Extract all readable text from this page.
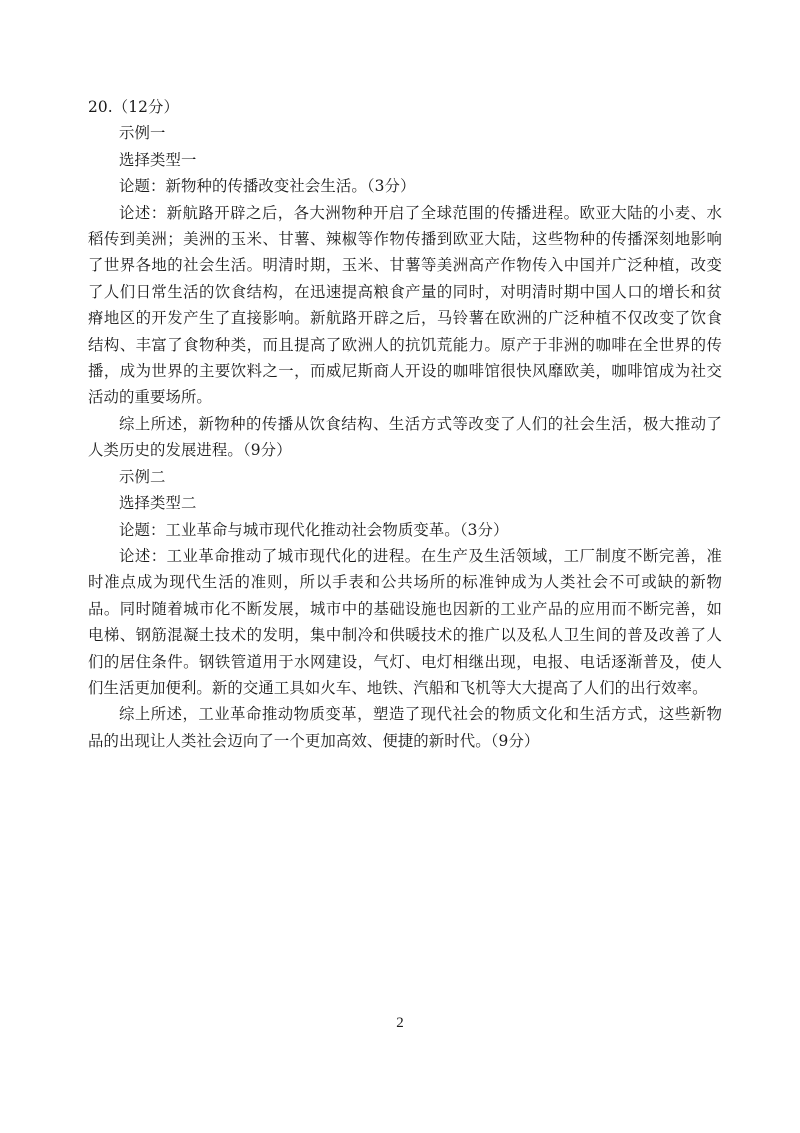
20.（12分）
示例一
选择类型一
论题：新物种的传播改变社会生活。（3分）
论述：新航路开辟之后，各大洲物种开启了全球范围的传播进程。欧亚大陆的小麦、水稻传到美洲；美洲的玉米、甘薯、辣椒等作物传播到欧亚大陆，这些物种的传播深刻地影响了世界各地的社会生活。明清时期，玉米、甘薯等美洲高产作物传入中国并广泛种植，改变了人们日常生活的饮食结构，在迅速提高粮食产量的同时，对明清时期中国人口的增长和贫瘠地区的开发产生了直接影响。新航路开辟之后，马铃薯在欧洲的广泛种植不仅改变了饮食结构、丰富了食物种类，而且提高了欧洲人的抗饥荒能力。原产于非洲的咖啡在全世界的传播，成为世界的主要饮料之一，而威尼斯商人开设的咖啡馆很快风靡欧美，咖啡馆成为社交活动的重要场所。
综上所述，新物种的传播从饮食结构、生活方式等改变了人们的社会生活，极大推动了人类历史的发展进程。（9分）
示例二
选择类型二
论题：工业革命与城市现代化推动社会物质变革。（3分）
论述：工业革命推动了城市现代化的进程。在生产及生活领域，工厂制度不断完善，准时准点成为现代生活的准则，所以手表和公共场所的标准钟成为人类社会不可或缺的新物品。同时随着城市化不断发展，城市中的基础设施也因新的工业产品的应用而不断完善，如电梯、钢筋混凝土技术的发明，集中制冷和供暖技术的推广以及私人卫生间的普及改善了人们的居住条件。钢铁管道用于水网建设，气灯、电灯相继出现，电报、电话逐渐普及，使人们生活更加便利。新的交通工具如火车、地铁、汽船和飞机等大大提高了人们的出行效率。
综上所述，工业革命推动物质变革，塑造了现代社会的物质文化和生活方式，这些新物品的出现让人类社会迈向了一个更加高效、便捷的新时代。（9分）
2
